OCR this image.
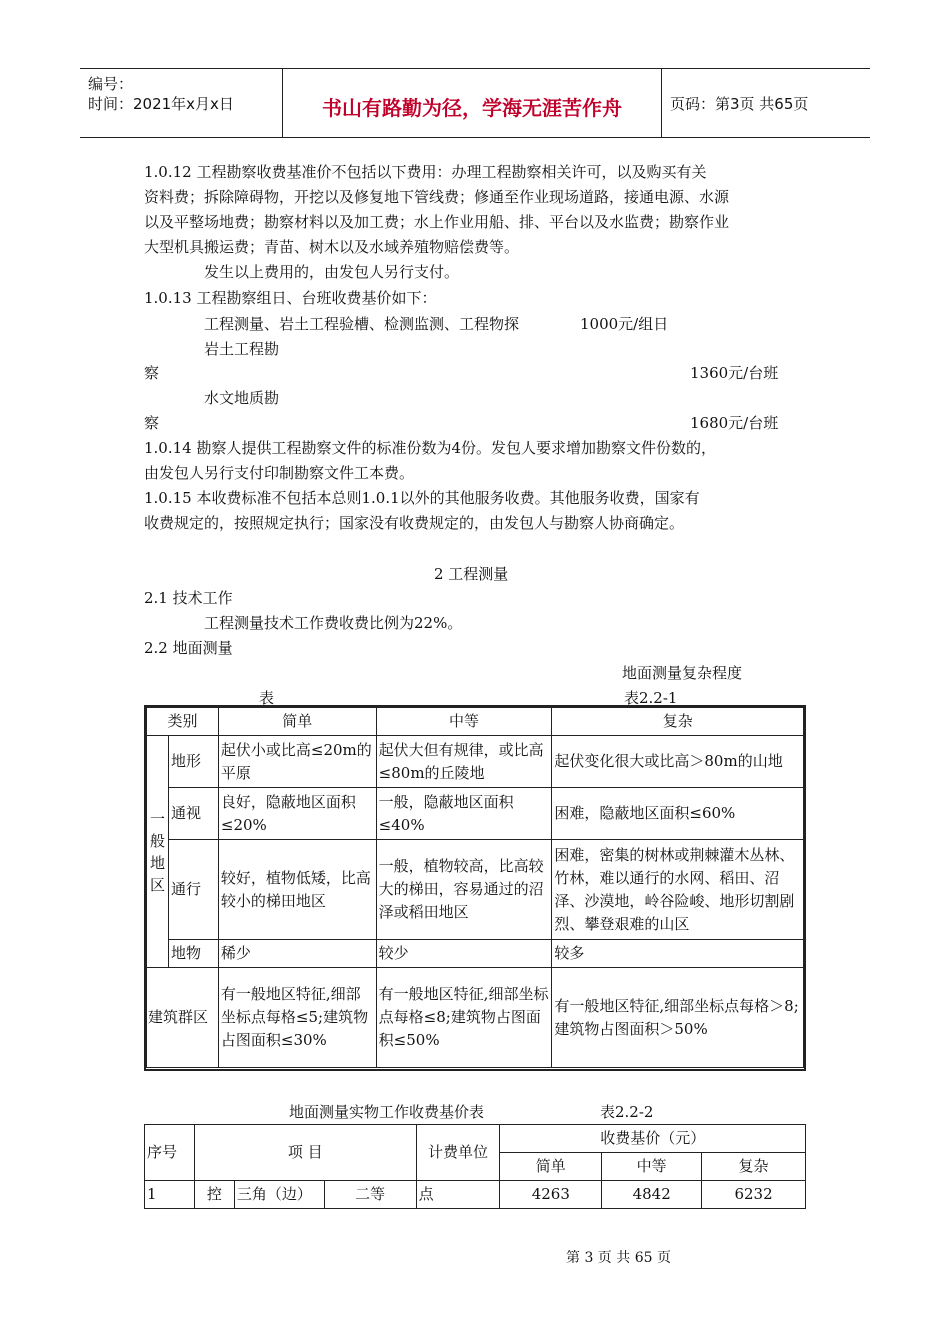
编号：
时间：2021年x月x日	书山有路勤为径，学海无涯苦作舟	页码：第3页 共65页
1.0.12 工程勘察收费基准价不包括以下费用：办理工程勘察相关许可，以及购买有关
资料费；拆除障碍物，开挖以及修复地下管线费；修通至作业现场道路，接通电源、水源
以及平整场地费；勘察材料以及加工费；水上作业用船、排、平台以及水监费；勘察作业
大型机具搬运费；青苗、树木以及水域养殖物赔偿费等。
发生以上费用的，由发包人另行支付。
1.0.13 工程勘察组日、台班收费基价如下：
工程测量、岩土工程验槽、检测监测、工程物探	1000元/组日
岩土工程勘
察	1360元/台班
水文地质勘
察	1680元/台班
1.0.14 勘察人提供工程勘察文件的标准份数为4份。发包人要求增加勘察文件份数的，
由发包人另行支付印制勘察文件工本费。
1.0.15 本收费标准不包括本总则1.0.1以外的其他服务收费。其他服务收费，国家有
收费规定的，按照规定执行；国家没有收费规定的，由发包人与勘察人协商确定。
2 工程测量
2.1 技术工作
工程测量技术工作费收费比例为22%。
2.2 地面测量
地面测量复杂程度
表	表2.2-1
类别		简单	中等	复杂
一般地区	地形	起伏小或比高≤20m的平原	起伏大但有规律，或比高≤80m的丘陵地	起伏变化很大或比高＞80m的山地
	通视	良好，隐蔽地区面积≤20%	一般，隐蔽地区面积≤40%	困难，隐蔽地区面积≤60%
	通行	较好，植物低矮，比高较小的梯田地区	一般，植物较高，比高较大的梯田，容易通过的沼泽或稻田地区	困难，密集的树林或荆棘灌木丛林、竹林，难以通行的水网、稻田、沼泽、沙漠地，岭谷险峻、地形切割剧烈、攀登艰难的山区
	地物	稀少	较少	较多
建筑群区		有一般地区特征,细部坐标点每格≤5;建筑物占图面积≤30%	有一般地区特征,细部坐标点每格≤8;建筑物占图面积≤50%	有一般地区特征,细部坐标点每格＞8;建筑物占图面积＞50%
地面测量实物工作收费基价表	表2.2-2
序号	项 目			计费单位	收费基价（元）		
					简单	中等	复杂
1	控	三角（边）	二等	点	4263	4842	6232
第 3 页 共 65 页
